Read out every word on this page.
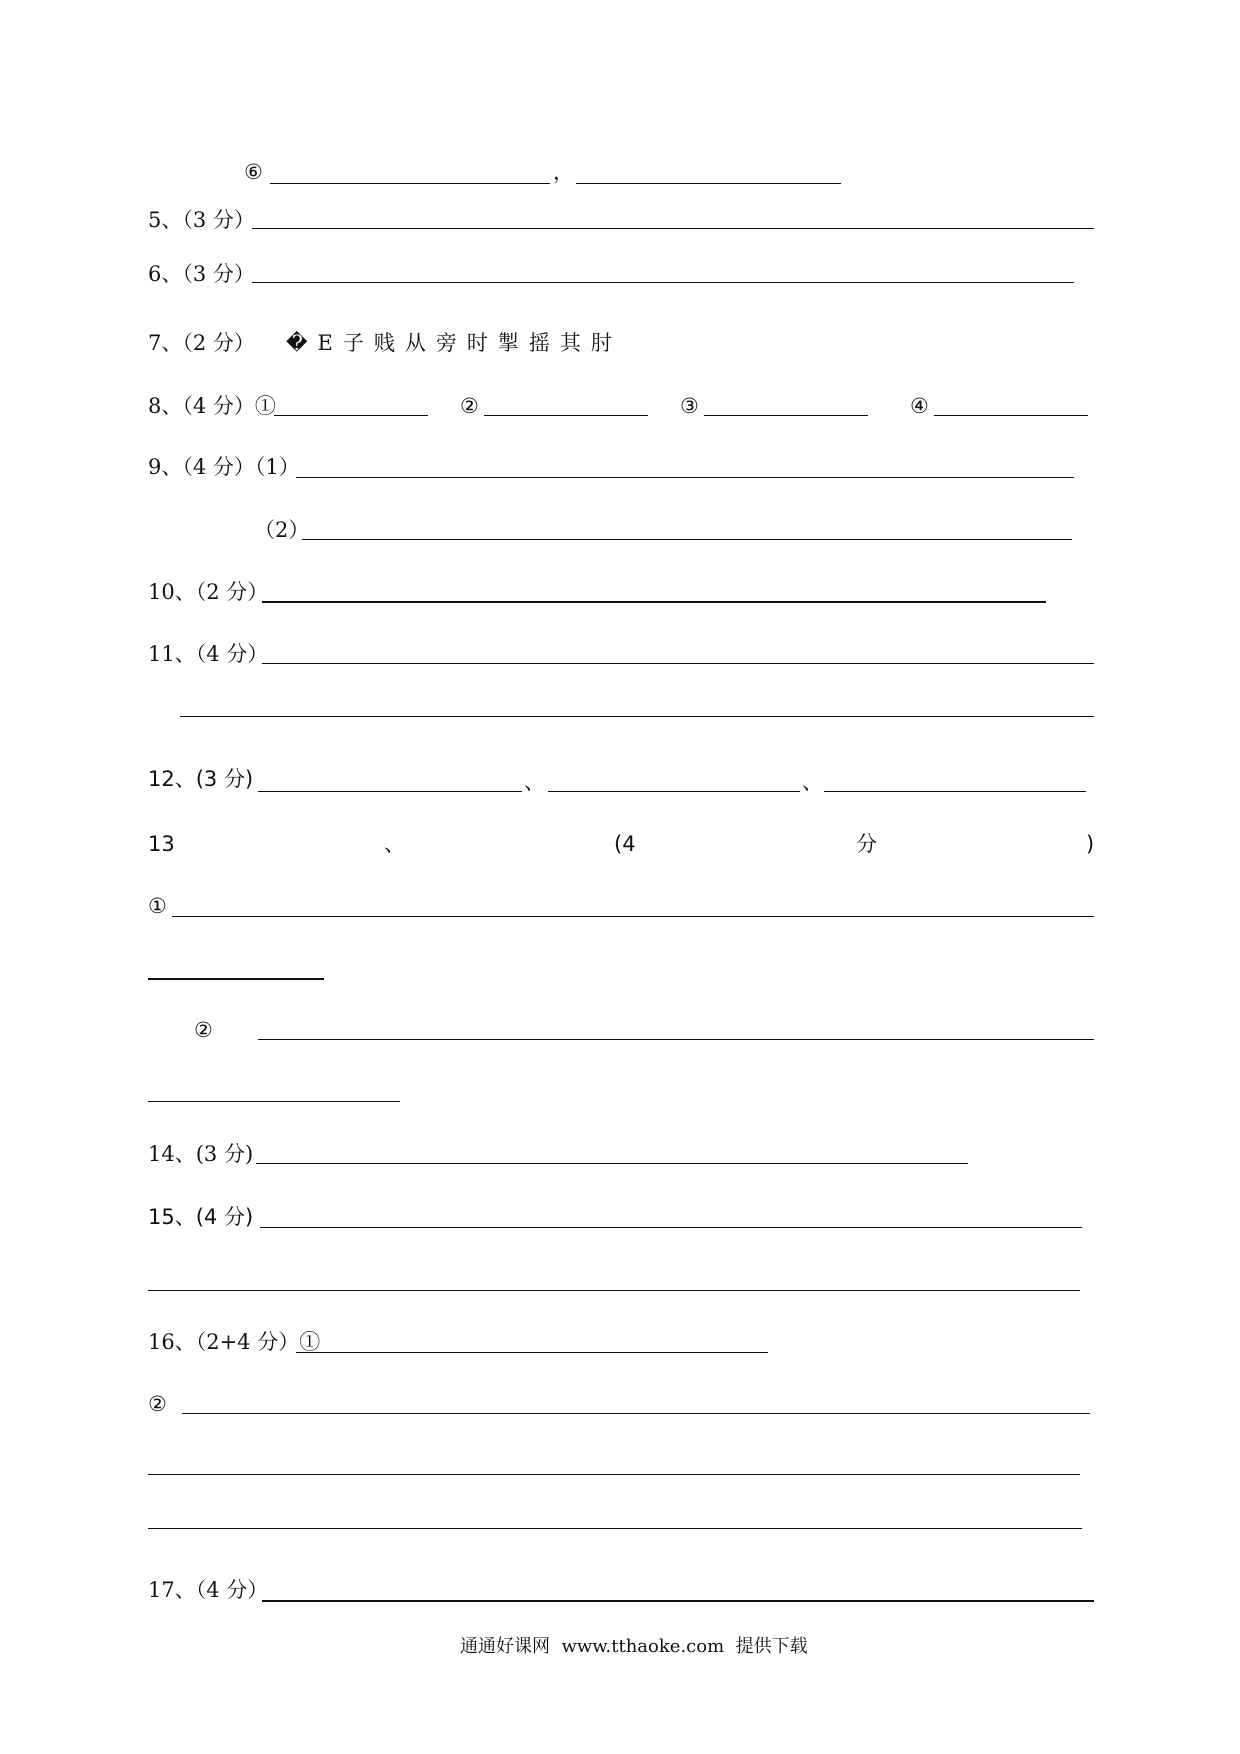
⑥	，
5、（3 分）
6、（3 分）
7、（2 分） �E子贱从旁时掣摇其肘
8、（4 分）①	②	③	④
9、（4 分）（1）
（2）
10、（2 分）
11、（4 分）
12、(3 分)	、	、
13	、	(4	分	)
①
②
14、(3 分)
15、(4 分)
16、（2+4 分）①
②
17、（4 分）
通通好课网  www.tthaoke.com  提供下载
